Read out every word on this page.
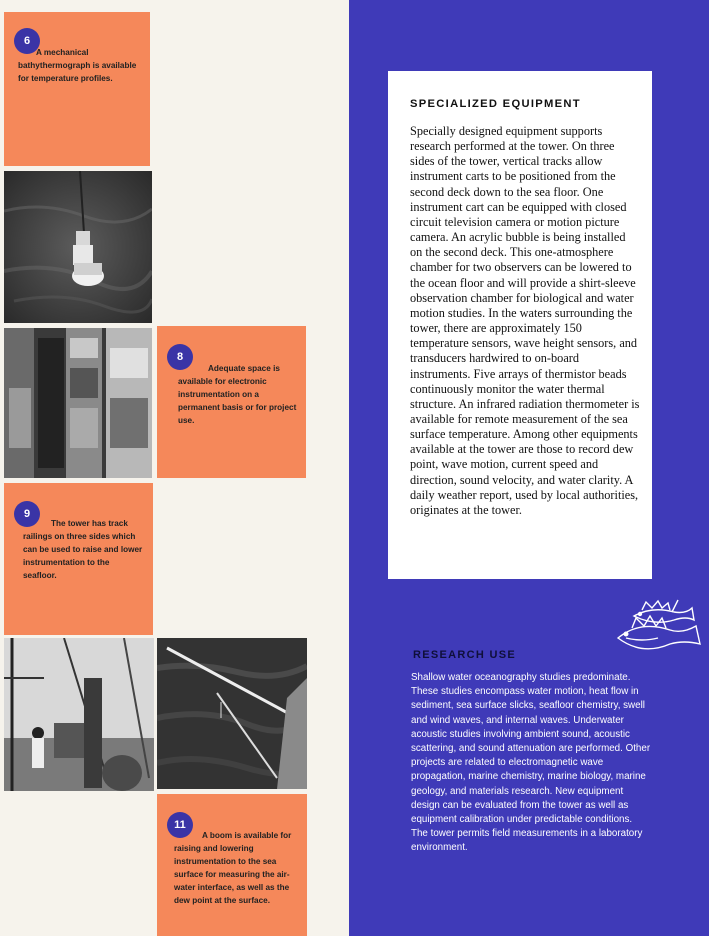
6
A mechanical bathythermograph is available for temperature profiles.
8
Adequate space is available for electronic instrumentation on a permanent basis or for project use.
9
The tower has track railings on three sides which can be used to raise and lower instrumentation to the seafloor.
11
A boom is available for raising and lowering instrumentation to the sea surface for measuring the air-water interface, as well as the dew point at the surface.
SPECIALIZED EQUIPMENT
Specially designed equipment supports research performed at the tower. On three sides of the tower, vertical tracks allow instrument carts to be positioned from the second deck down to the sea floor. One instrument cart can be equipped with closed circuit television camera or motion picture camera. An acrylic bubble is being installed on the second deck. This one-atmosphere chamber for two observers can be lowered to the ocean floor and will provide a shirt-sleeve observation chamber for biological and water motion studies. In the waters surrounding the tower, there are approximately 150 temperature sensors, wave height sensors, and transducers hardwired to on-board instruments. Five arrays of thermistor beads continuously monitor the water thermal structure. An infrared radiation thermometer is available for remote measurement of the sea surface temperature. Among other equipments available at the tower are those to record dew point, wave motion, current speed and direction, sound velocity, and water clarity. A daily weather report, used by local authorities, originates at the tower.
RESEARCH USE
Shallow water oceanography studies predominate. These studies encompass water motion, heat flow in sediment, sea surface slicks, seafloor chemistry, swell and wind waves, and internal waves. Underwater acoustic studies involving ambient sound, acoustic scattering, and sound attenuation are performed. Other projects are related to electromagnetic wave propagation, marine chemistry, marine biology, marine geology, and materials research. New equipment design can be evaluated from the tower as well as equipment calibration under predictable conditions. The tower permits field measurements in a laboratory environment.
